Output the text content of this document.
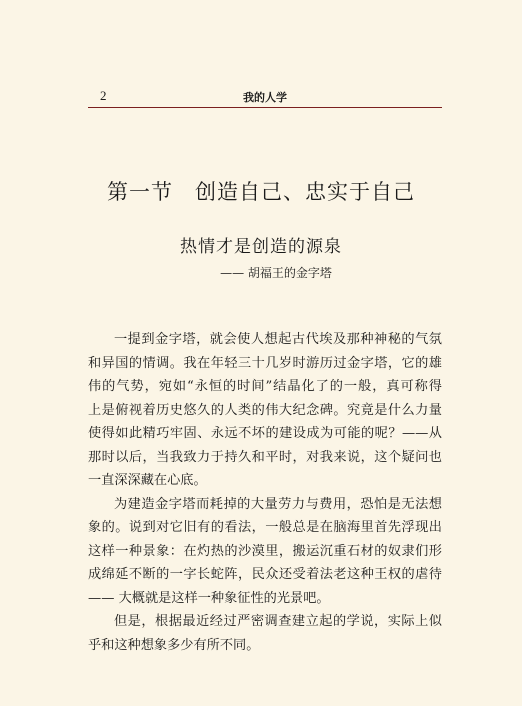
2	我的人学
第一节　创造自己、忠实于自己
热情才是创造的源泉
—— 胡福王的金字塔
一提到金字塔，就会使人想起古代埃及那种神秘的气氛
和异国的情调。我在年轻三十几岁时游历过金字塔，它的雄
伟的气势，宛如“永恒的时间”结晶化了的一般，真可称得
上是俯视着历史悠久的人类的伟大纪念碑。究竟是什么力量
使得如此精巧牢固、永远不坏的建设成为可能的呢？——从
那时以后，当我致力于持久和平时，对我来说，这个疑问也
一直深深藏在心底。
为建造金字塔而耗掉的大量劳力与费用，恐怕是无法想
象的。说到对它旧有的看法，一般总是在脑海里首先浮现出
这样一种景象：在灼热的沙漠里，搬运沉重石材的奴隶们形
成绵延不断的一字长蛇阵，民众还受着法老这种王权的虐待
—— 大概就是这样一种象征性的光景吧。
但是，根据最近经过严密调查建立起的学说，实际上似
乎和这种想象多少有所不同。
